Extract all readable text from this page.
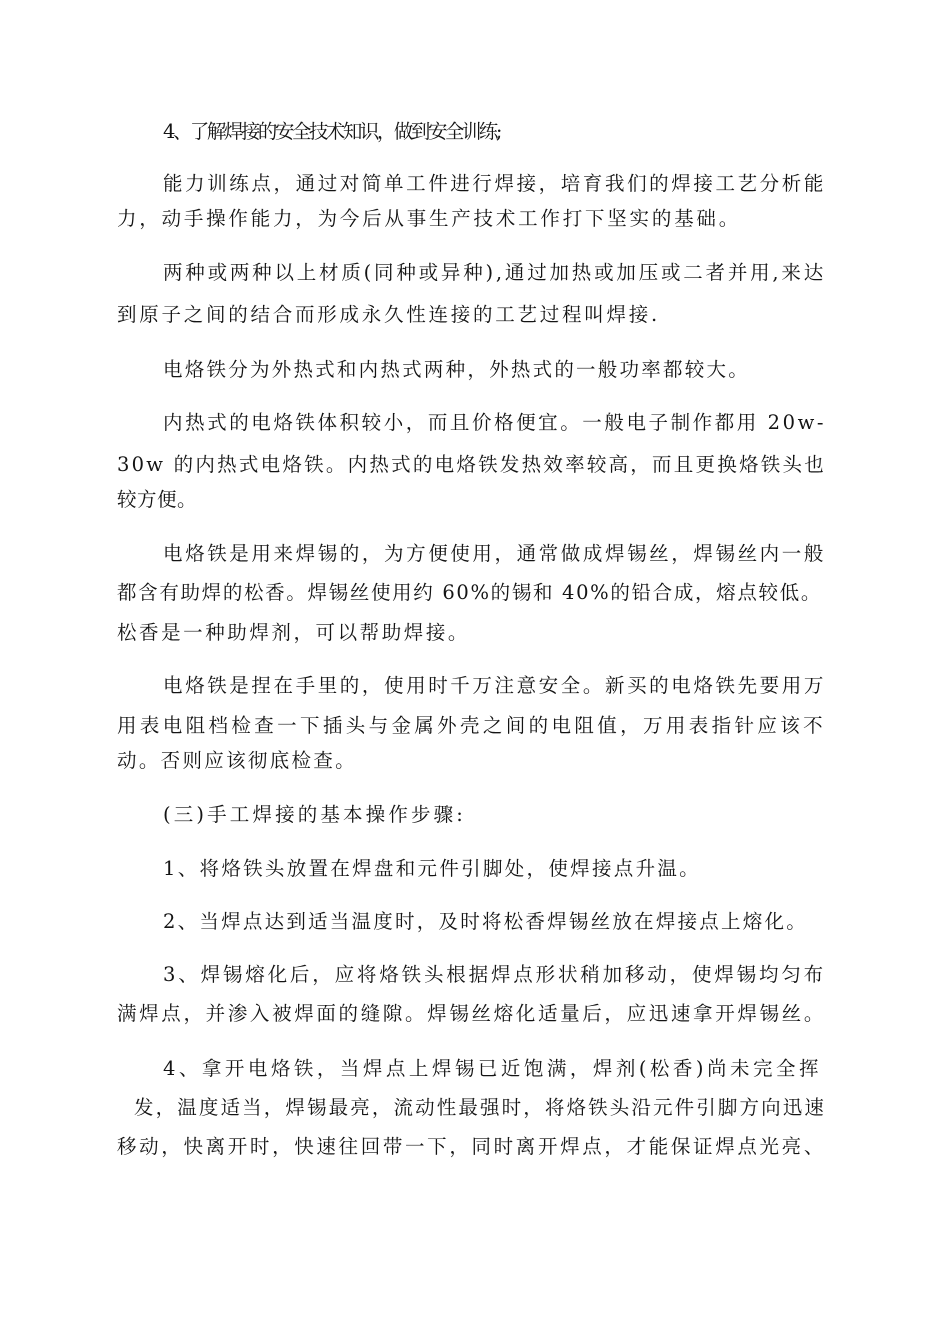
4、了解焊接的安全技术知识，做到安全训练;

能力训练点，通过对简单工件进行焊接，培育我们的焊接工艺分析能

力，动手操作能力，为今后从事生产技术工作打下坚实的基础。

两种或两种以上材质(同种或异种),通过加热或加压或二者并用,来达

到原子之间的结合而形成永久性连接的工艺过程叫焊接.

电烙铁分为外热式和内热式两种，外热式的一般功率都较大。

内热式的电烙铁体积较小，而且价格便宜。一般电子制作都用 20w-

30w 的内热式电烙铁。内热式的电烙铁发热效率较高，而且更换烙铁头也

较方便。

电烙铁是用来焊锡的，为方便使用，通常做成焊锡丝，焊锡丝内一般

都含有助焊的松香。焊锡丝使用约 60%的锡和 40%的铅合成，熔点较低。

松香是一种助焊剂，可以帮助焊接。

电烙铁是捏在手里的，使用时千万注意安全。新买的电烙铁先要用万

用表电阻档检查一下插头与金属外壳之间的电阻值，万用表指针应该不

动。否则应该彻底检查。

(三)手工焊接的基本操作步骤:

1、将烙铁头放置在焊盘和元件引脚处，使焊接点升温。

2、当焊点达到适当温度时，及时将松香焊锡丝放在焊接点上熔化。

3、焊锡熔化后，应将烙铁头根据焊点形状稍加移动，使焊锡均匀布

满焊点，并渗入被焊面的缝隙。焊锡丝熔化适量后，应迅速拿开焊锡丝。

4、拿开电烙铁，当焊点上焊锡已近饱满，焊剂(松香)尚未完全挥

发，温度适当，焊锡最亮，流动性最强时，将烙铁头沿元件引脚方向迅速

移动，快离开时，快速往回带一下，同时离开焊点，才能保证焊点光亮、
